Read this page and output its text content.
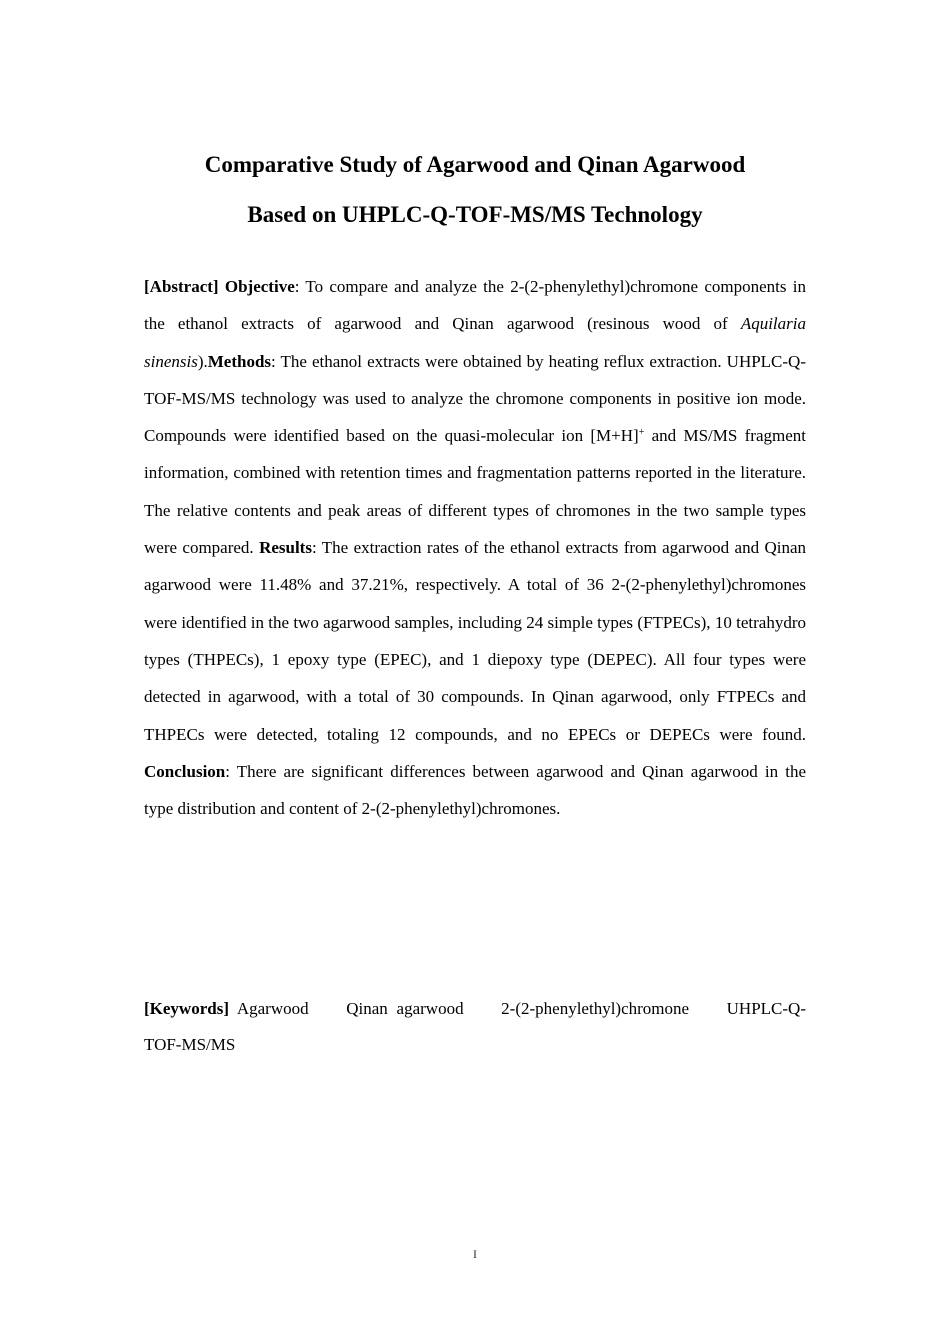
Comparative Study of Agarwood and Qinan Agarwood
Based on UHPLC-Q-TOF-MS/MS Technology

[Abstract] Objective: To compare and analyze the 2-(2-phenylethyl)chromone components in the ethanol extracts of agarwood and Qinan agarwood (resinous wood of Aquilaria sinensis).Methods: The ethanol extracts were obtained by heating reflux extraction. UHPLC-Q-TOF-MS/MS technology was used to analyze the chromone components in positive ion mode. Compounds were identified based on the quasi-molecular ion [M+H]+ and MS/MS fragment information, combined with retention times and fragmentation patterns reported in the literature. The relative contents and peak areas of different types of chromones in the two sample types were compared. Results: The extraction rates of the ethanol extracts from agarwood and Qinan agarwood were 11.48% and 37.21%, respectively. A total of 36 2-(2-phenylethyl)chromones were identified in the two agarwood samples, including 24 simple types (FTPECs), 10 tetrahydro types (THPECs), 1 epoxy type (EPEC), and 1 diepoxy type (DEPEC). All four types were detected in agarwood, with a total of 30 compounds. In Qinan agarwood, only FTPECs and THPECs were detected, totaling 12 compounds, and no EPECs or DEPECs were found. Conclusion: There are significant differences between agarwood and Qinan agarwood in the type distribution and content of 2-(2-phenylethyl)chromones.

[Keywords] Agarwood Qinan agarwood 2-(2-phenylethyl)chromone UHPLC-Q-TOF-MS/MS

I
